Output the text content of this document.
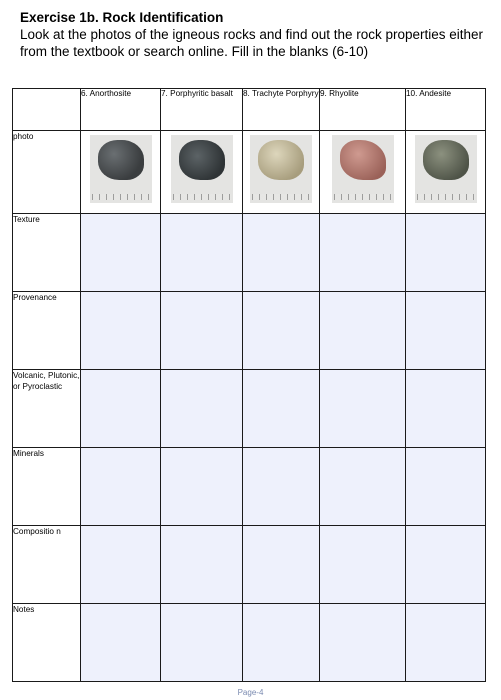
Exercise 1b. Rock Identification
Look at the photos of the igneous rocks and find out the rock properties either from the textbook or search online. Fill in the blanks (6-10)
	6. Anorthosite	7. Porphyritic basalt	8. Trachyte Porphyry	9. Rhyolite	10. Andesite
photo	

Texture					
Provenance					
Volcanic, Plutonic, or Pyroclastic					
Minerals					
Compositio n					
Notes					
Page-4
